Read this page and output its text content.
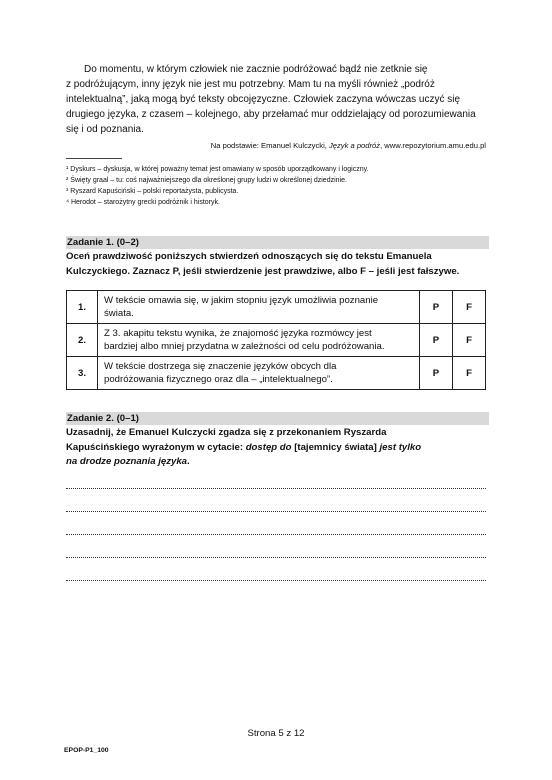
Do momentu, w którym człowiek nie zacznie podróżować bądź nie zetknie się
z podróżującym, inny język nie jest mu potrzebny. Mam tu na myśli również „podróż
intelektualną”, jaką mogą być teksty obcojęzyczne. Człowiek zaczyna wówczas uczyć się
drugiego języka, z czasem – kolejnego, aby przełamać mur oddzielający od porozumiewania
się i od poznania.
Na podstawie: Emanuel Kulczycki, Język a podróż, www.repozytorium.amu.edu.pl
¹ Dyskurs – dyskusja, w której poważny temat jest omawiany w sposób uporządkowany i logiczny.
² Święty graal – tu: coś najważniejszego dla określonej grupy ludzi w określonej dziedzinie.
³ Ryszard Kapuściński – polski reportażysta, publicysta.
⁴ Herodot – starożytny grecki podróżnik i historyk.
Zadanie 1. (0–2)
Oceń prawdziwość poniższych stwierdzeń odnoszących się do tekstu Emanuela
Kulczyckiego. Zaznacz P, jeśli stwierdzenie jest prawdziwe, albo F – jeśli jest fałszywe.
1.	W tekście omawia się, w jakim stopniu język umożliwia poznanie
świata.	P	F
2.	Z 3. akapitu tekstu wynika, że znajomość języka rozmówcy jest
bardziej albo mniej przydatna w zależności od celu podróżowania.	P	F
3.	W tekście dostrzega się znaczenie języków obcych dla
podróżowania fizycznego oraz dla – „intelektualnego”.	P	F
Zadanie 2. (0–1)
Uzasadnij, że Emanuel Kulczycki zgadza się z przekonaniem Ryszarda
Kapuścińskiego wyrażonym w cytacie: dostęp do [tajemnicy świata] jest tylko
na drodze poznania języka.
Strona 5 z 12
EPOP-P1_100
